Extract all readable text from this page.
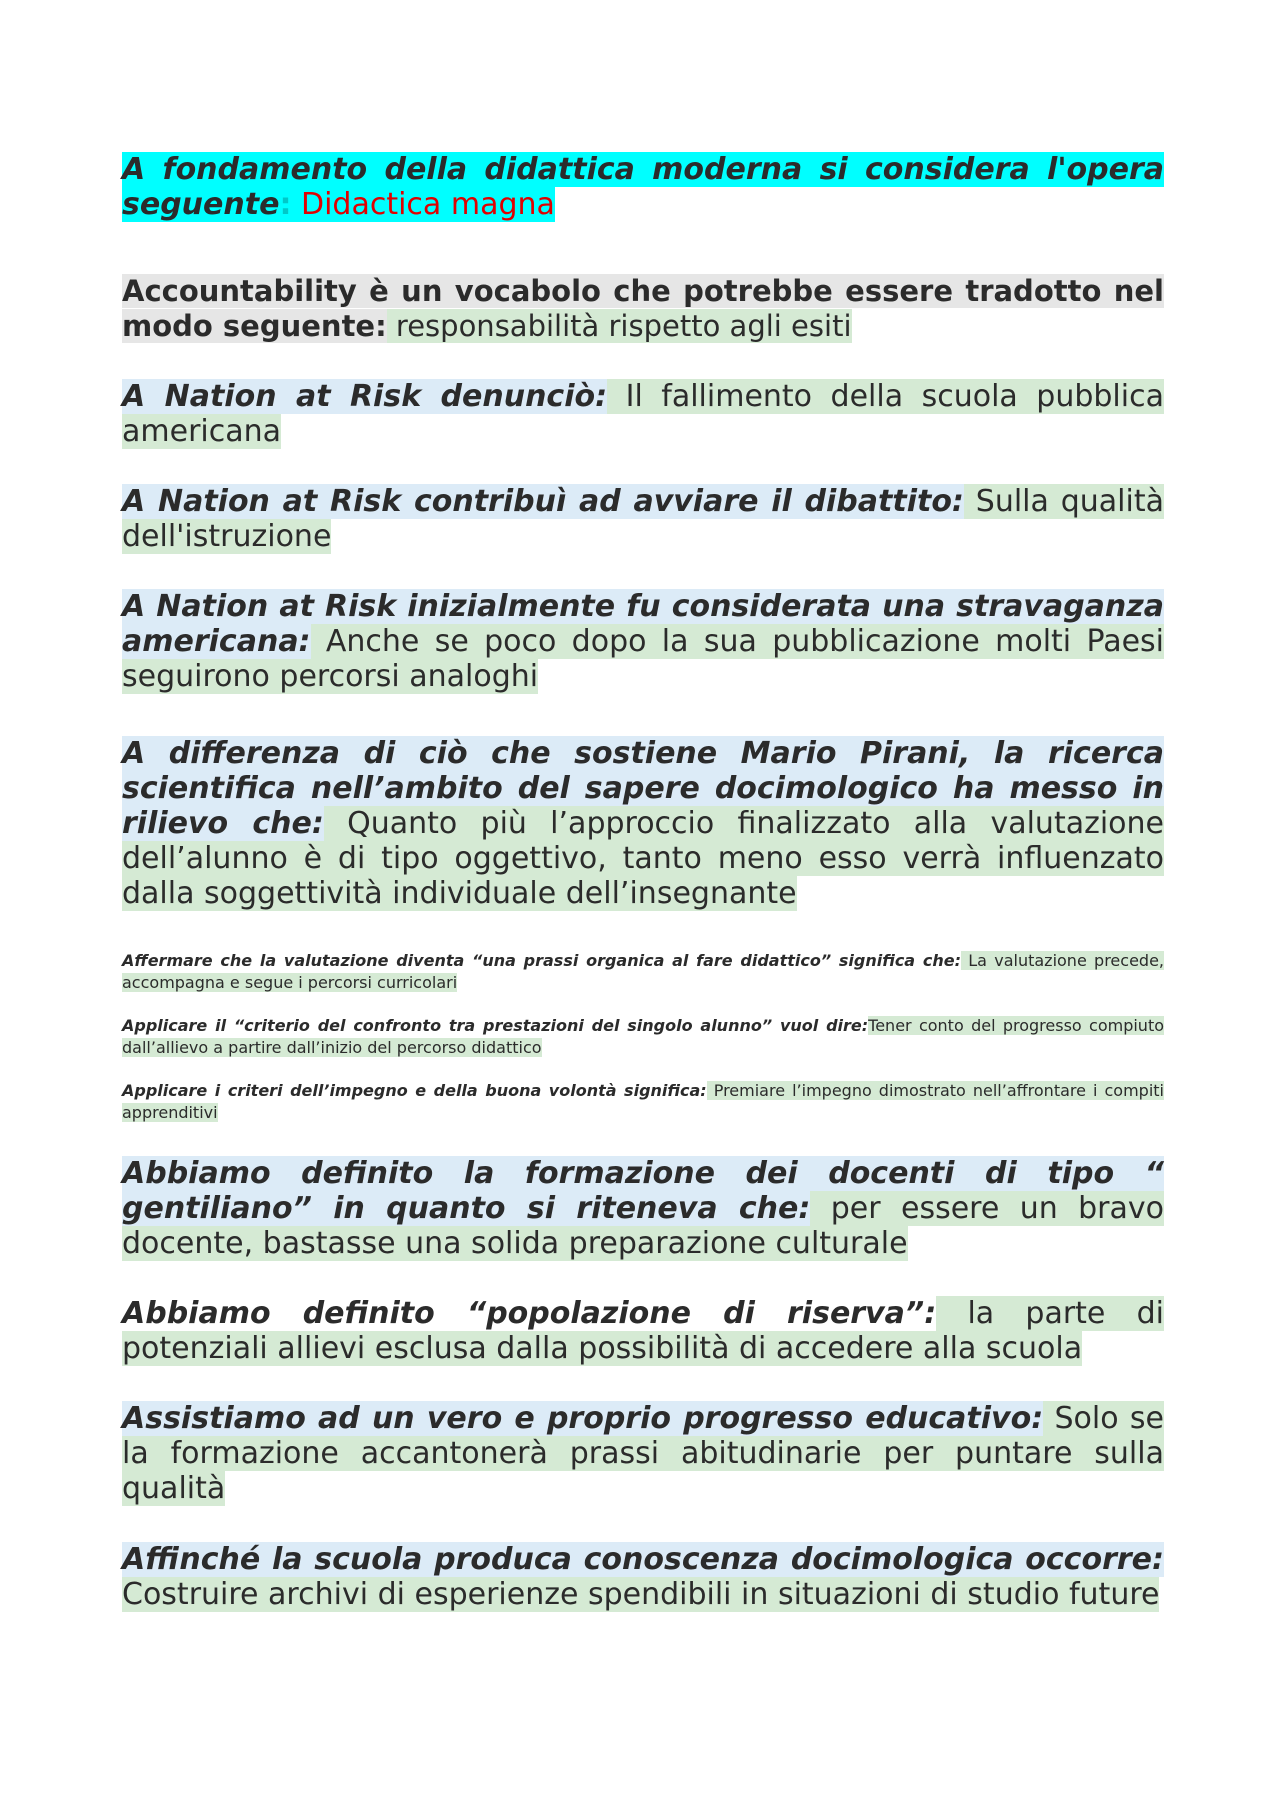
A fondamento della didattica moderna si considera l'opera seguente: Didactica magna

Accountability è un vocabolo che potrebbe essere tradotto nel modo seguente: responsabilità rispetto agli esiti

A Nation at Risk denunciò: Il fallimento della scuola pubblica americana

A Nation at Risk contribuì ad avviare il dibattito: Sulla qualità dell'istruzione

A Nation at Risk inizialmente fu considerata una stravaganza americana: Anche se poco dopo la sua pubblicazione molti Paesi seguirono percorsi analoghi

A differenza di ciò che sostiene Mario Pirani, la ricerca scientifica nell’ambito del sapere docimologico ha messo in rilievo che: Quanto più l’approccio finalizzato alla valutazione dell’alunno è di tipo oggettivo, tanto meno esso verrà influenzato dalla soggettività individuale dell’insegnante

Affermare che la valutazione diventa “una prassi organica al fare didattico” significa che: La valutazione precede, accompagna e segue i percorsi curricolari

Applicare il “criterio del confronto tra prestazioni del singolo alunno” vuol dire:Tener conto del progresso compiuto dall’allievo a partire dall’inizio del percorso didattico

Applicare i criteri dell’impegno e della buona volontà significa: Premiare l’impegno dimostrato nell’affrontare i compiti apprenditivi

Abbiamo definito la formazione dei docenti di tipo “ gentiliano” in quanto si riteneva che: per essere un bravo docente, bastasse una solida preparazione culturale

Abbiamo definito “popolazione di riserva”: la parte di potenziali allievi esclusa dalla possibilità di accedere alla scuola

Assistiamo ad un vero e proprio progresso educativo: Solo se la formazione accantonerà prassi abitudinarie per puntare sulla qualità

Affinché la scuola produca conoscenza docimologica occorre: Costruire archivi di esperienze spendibili in situazioni di studio future
